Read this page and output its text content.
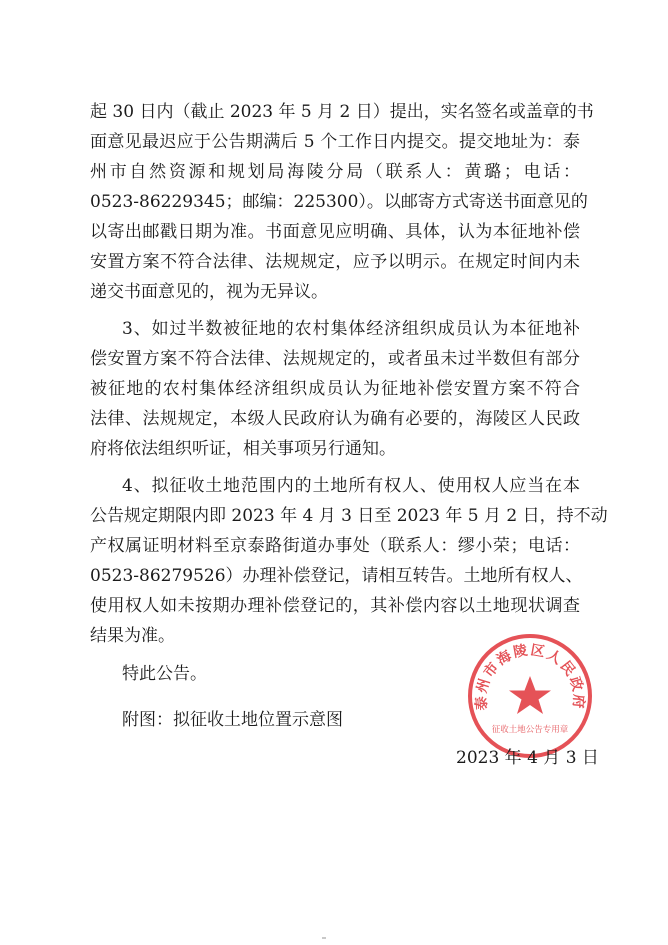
起 30 日内（截止 2023 年 5 月 2 日）提出，实名签名或盖章的书
面意见最迟应于公告期满后 5 个工作日内提交。提交地址为：泰
州市自然资源和规划局海陵分局（联系人：黄璐；电话：
0523-86229345；邮编：225300）。以邮寄方式寄送书面意见的
以寄出邮戳日期为准。书面意见应明确、具体，认为本征地补偿
安置方案不符合法律、法规规定，应予以明示。在规定时间内未
递交书面意见的，视为无异议。
3、如过半数被征地的农村集体经济组织成员认为本征地补
偿安置方案不符合法律、法规规定的，或者虽未过半数但有部分
被征地的农村集体经济组织成员认为征地补偿安置方案不符合
法律、法规规定，本级人民政府认为确有必要的，海陵区人民政
府将依法组织听证，相关事项另行通知。
4、拟征收土地范围内的土地所有权人、使用权人应当在本
公告规定期限内即 2023 年 4 月 3 日至 2023 年 5 月 2 日，持不动
产权属证明材料至京泰路街道办事处（联系人：缪小荣；电话：
0523-86279526）办理补偿登记，请相互转告。土地所有权人、
使用权人如未按期办理补偿登记的，其补偿内容以土地现状调查
结果为准。
特此公告。
附图：拟征收土地位置示意图
泰州市海陵区人民政府
征收土地公告专用章
2023 年 4 月 3 日
